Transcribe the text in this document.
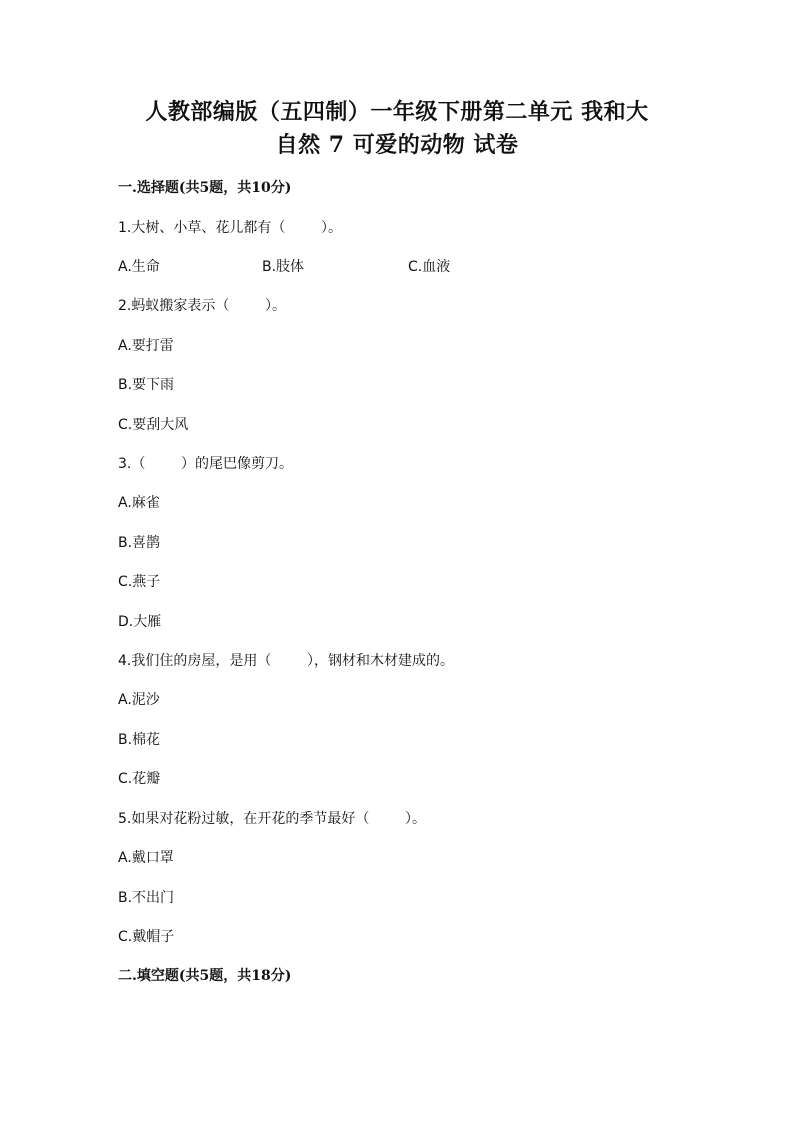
人教部编版（五四制）一年级下册第二单元 我和大
自然 7 可爱的动物 试卷
一.选择题(共5题，共10分)
1.大树、小草、花儿都有（        ）。

A.生命

	B.肢体

	C.血液

2.蚂蚁搬家表示（        ）。
A.要打雷
B.要下雨
C.要刮大风
3.（        ）的尾巴像剪刀。
A.麻雀
B.喜鹊
C.燕子
D.大雁
4.我们住的房屋，是用（        ），钢材和木材建成的。
A.泥沙
B.棉花
C.花瓣
5.如果对花粉过敏，在开花的季节最好（        ）。
A.戴口罩
B.不出门
C.戴帽子
二.填空题(共5题，共18分)
